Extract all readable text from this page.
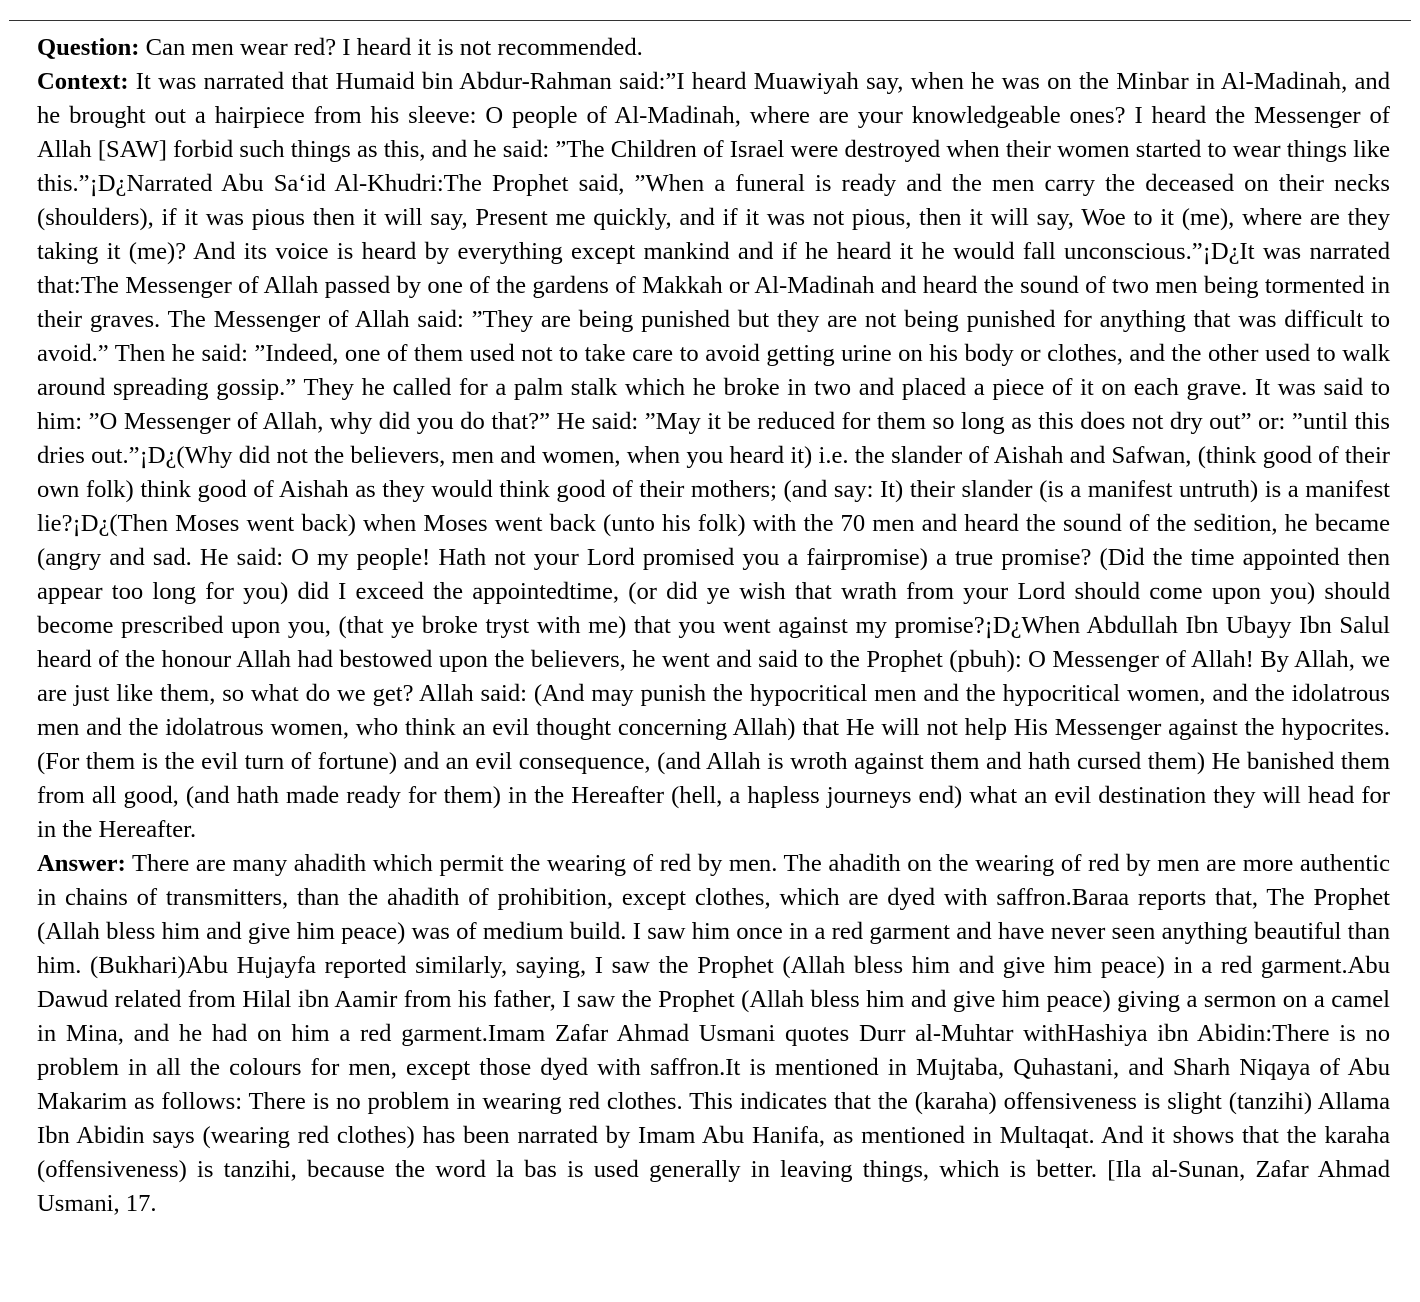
Question: Can men wear red? I heard it is not recommended.

Context: It was narrated that Humaid bin Abdur-Rahman said:”I heard Muawiyah say, when he was on the Minbar in Al-Madinah, and he brought out a hairpiece from his sleeve: O people of Al-Madinah, where are your knowledgeable ones? I heard the Messenger of Allah [SAW] forbid such things as this, and he said: ”The Children of Israel were destroyed when their women started to wear things like this.”¡D¿Narrated Abu Sa‘id Al-Khudri:The Prophet said, ”When a funeral is ready and the men carry the deceased on their necks (shoulders), if it was pious then it will say, Present me quickly, and if it was not pious, then it will say, Woe to it (me), where are they taking it (me)? And its voice is heard by everything except mankind and if he heard it he would fall unconscious.”¡D¿It was narrated that:The Messenger of Allah passed by one of the gardens of Makkah or Al-Madinah and heard the sound of two men being tormented in their graves. The Messenger of Allah said: ”They are being punished but they are not being punished for anything that was difficult to avoid.” Then he said: ”Indeed, one of them used not to take care to avoid getting urine on his body or clothes, and the other used to walk around spreading gossip.” They he called for a palm stalk which he broke in two and placed a piece of it on each grave. It was said to him: ”O Messenger of Allah, why did you do that?” He said: ”May it be reduced for them so long as this does not dry out” or: ”until this dries out.”¡D¿(Why did not the believers, men and women, when you heard it) i.e. the slander of Aishah and Safwan, (think good of their own folk) think good of Aishah as they would think good of their mothers; (and say: It) their slander (is a manifest untruth) is a manifest lie?¡D¿(Then Moses went back) when Moses went back (unto his folk) with the 70 men and heard the sound of the sedition, he became (angry and sad. He said: O my people! Hath not your Lord promised you a fairpromise) a true promise? (Did the time appointed then appear too long for you) did I exceed the appointedtime, (or did ye wish that wrath from your Lord should come upon you) should become prescribed upon you, (that ye broke tryst with me) that you went against my promise?¡D¿When Abdullah Ibn Ubayy Ibn Salul heard of the honour Allah had bestowed upon the believers, he went and said to the Prophet (pbuh): O Messenger of Allah! By Allah, we are just like them, so what do we get? Allah said: (And may punish the hypocritical men and the hypocritical women, and the idolatrous men and the idolatrous women, who think an evil thought concerning Allah) that He will not help His Messenger against the hypocrites. (For them is the evil turn of fortune) and an evil consequence, (and Allah is wroth against them and hath cursed them) He banished them from all good, (and hath made ready for them) in the Hereafter (hell, a hapless journeys end) what an evil destination they will head for in the Hereafter.

Answer: There are many ahadith which permit the wearing of red by men. The ahadith on the wearing of red by men are more authentic in chains of transmitters, than the ahadith of prohibition, except clothes, which are dyed with saffron.Baraa reports that, The Prophet (Allah bless him and give him peace) was of medium build. I saw him once in a red garment and have never seen anything beautiful than him. (Bukhari)Abu Hujayfa reported similarly, saying, I saw the Prophet (Allah bless him and give him peace) in a red garment.Abu Dawud related from Hilal ibn Aamir from his father, I saw the Prophet (Allah bless him and give him peace) giving a sermon on a camel in Mina, and he had on him a red garment.Imam Zafar Ahmad Usmani quotes Durr al-Muhtar withHashiya ibn Abidin:There is no problem in all the colours for men, except those dyed with saffron.It is mentioned in Mujtaba, Quhastani, and Sharh Niqaya of Abu Makarim as follows: There is no problem in wearing red clothes. This indicates that the (karaha) offensiveness is slight (tanzihi) Allama Ibn Abidin says (wearing red clothes) has been narrated by Imam Abu Hanifa, as mentioned in Multaqat. And it shows that the karaha (offensiveness) is tanzihi, because the word la bas is used generally in leaving things, which is better. [Ila al-Sunan, Zafar Ahmad Usmani, 17.
